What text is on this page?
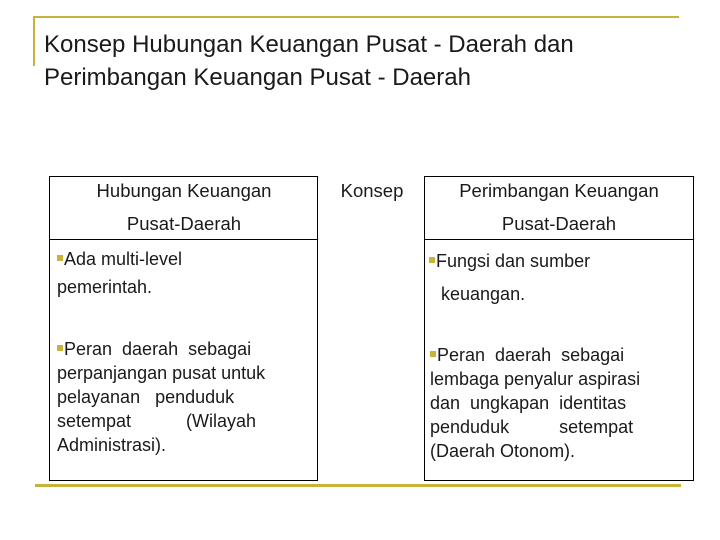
Konsep Hubungan Keuangan Pusat - Daerah dan
Perimbangan Keuangan Pusat - Daerah
Hubungan Keuangan
Pusat-Daerah
Konsep	Perimbangan Keuangan
Pusat-Daerah
Ada multi-level
pemerintah.
Peran  daerah  sebagai
perpanjangan pusat untuk
pelayanan   penduduk
setempat           (Wilayah
Administrasi).
Fungsi dan sumber
keuangan.
Peran  daerah  sebagai
lembaga penyalur aspirasi
dan  ungkapan  identitas
penduduk          setempat
(Daerah Otonom).
